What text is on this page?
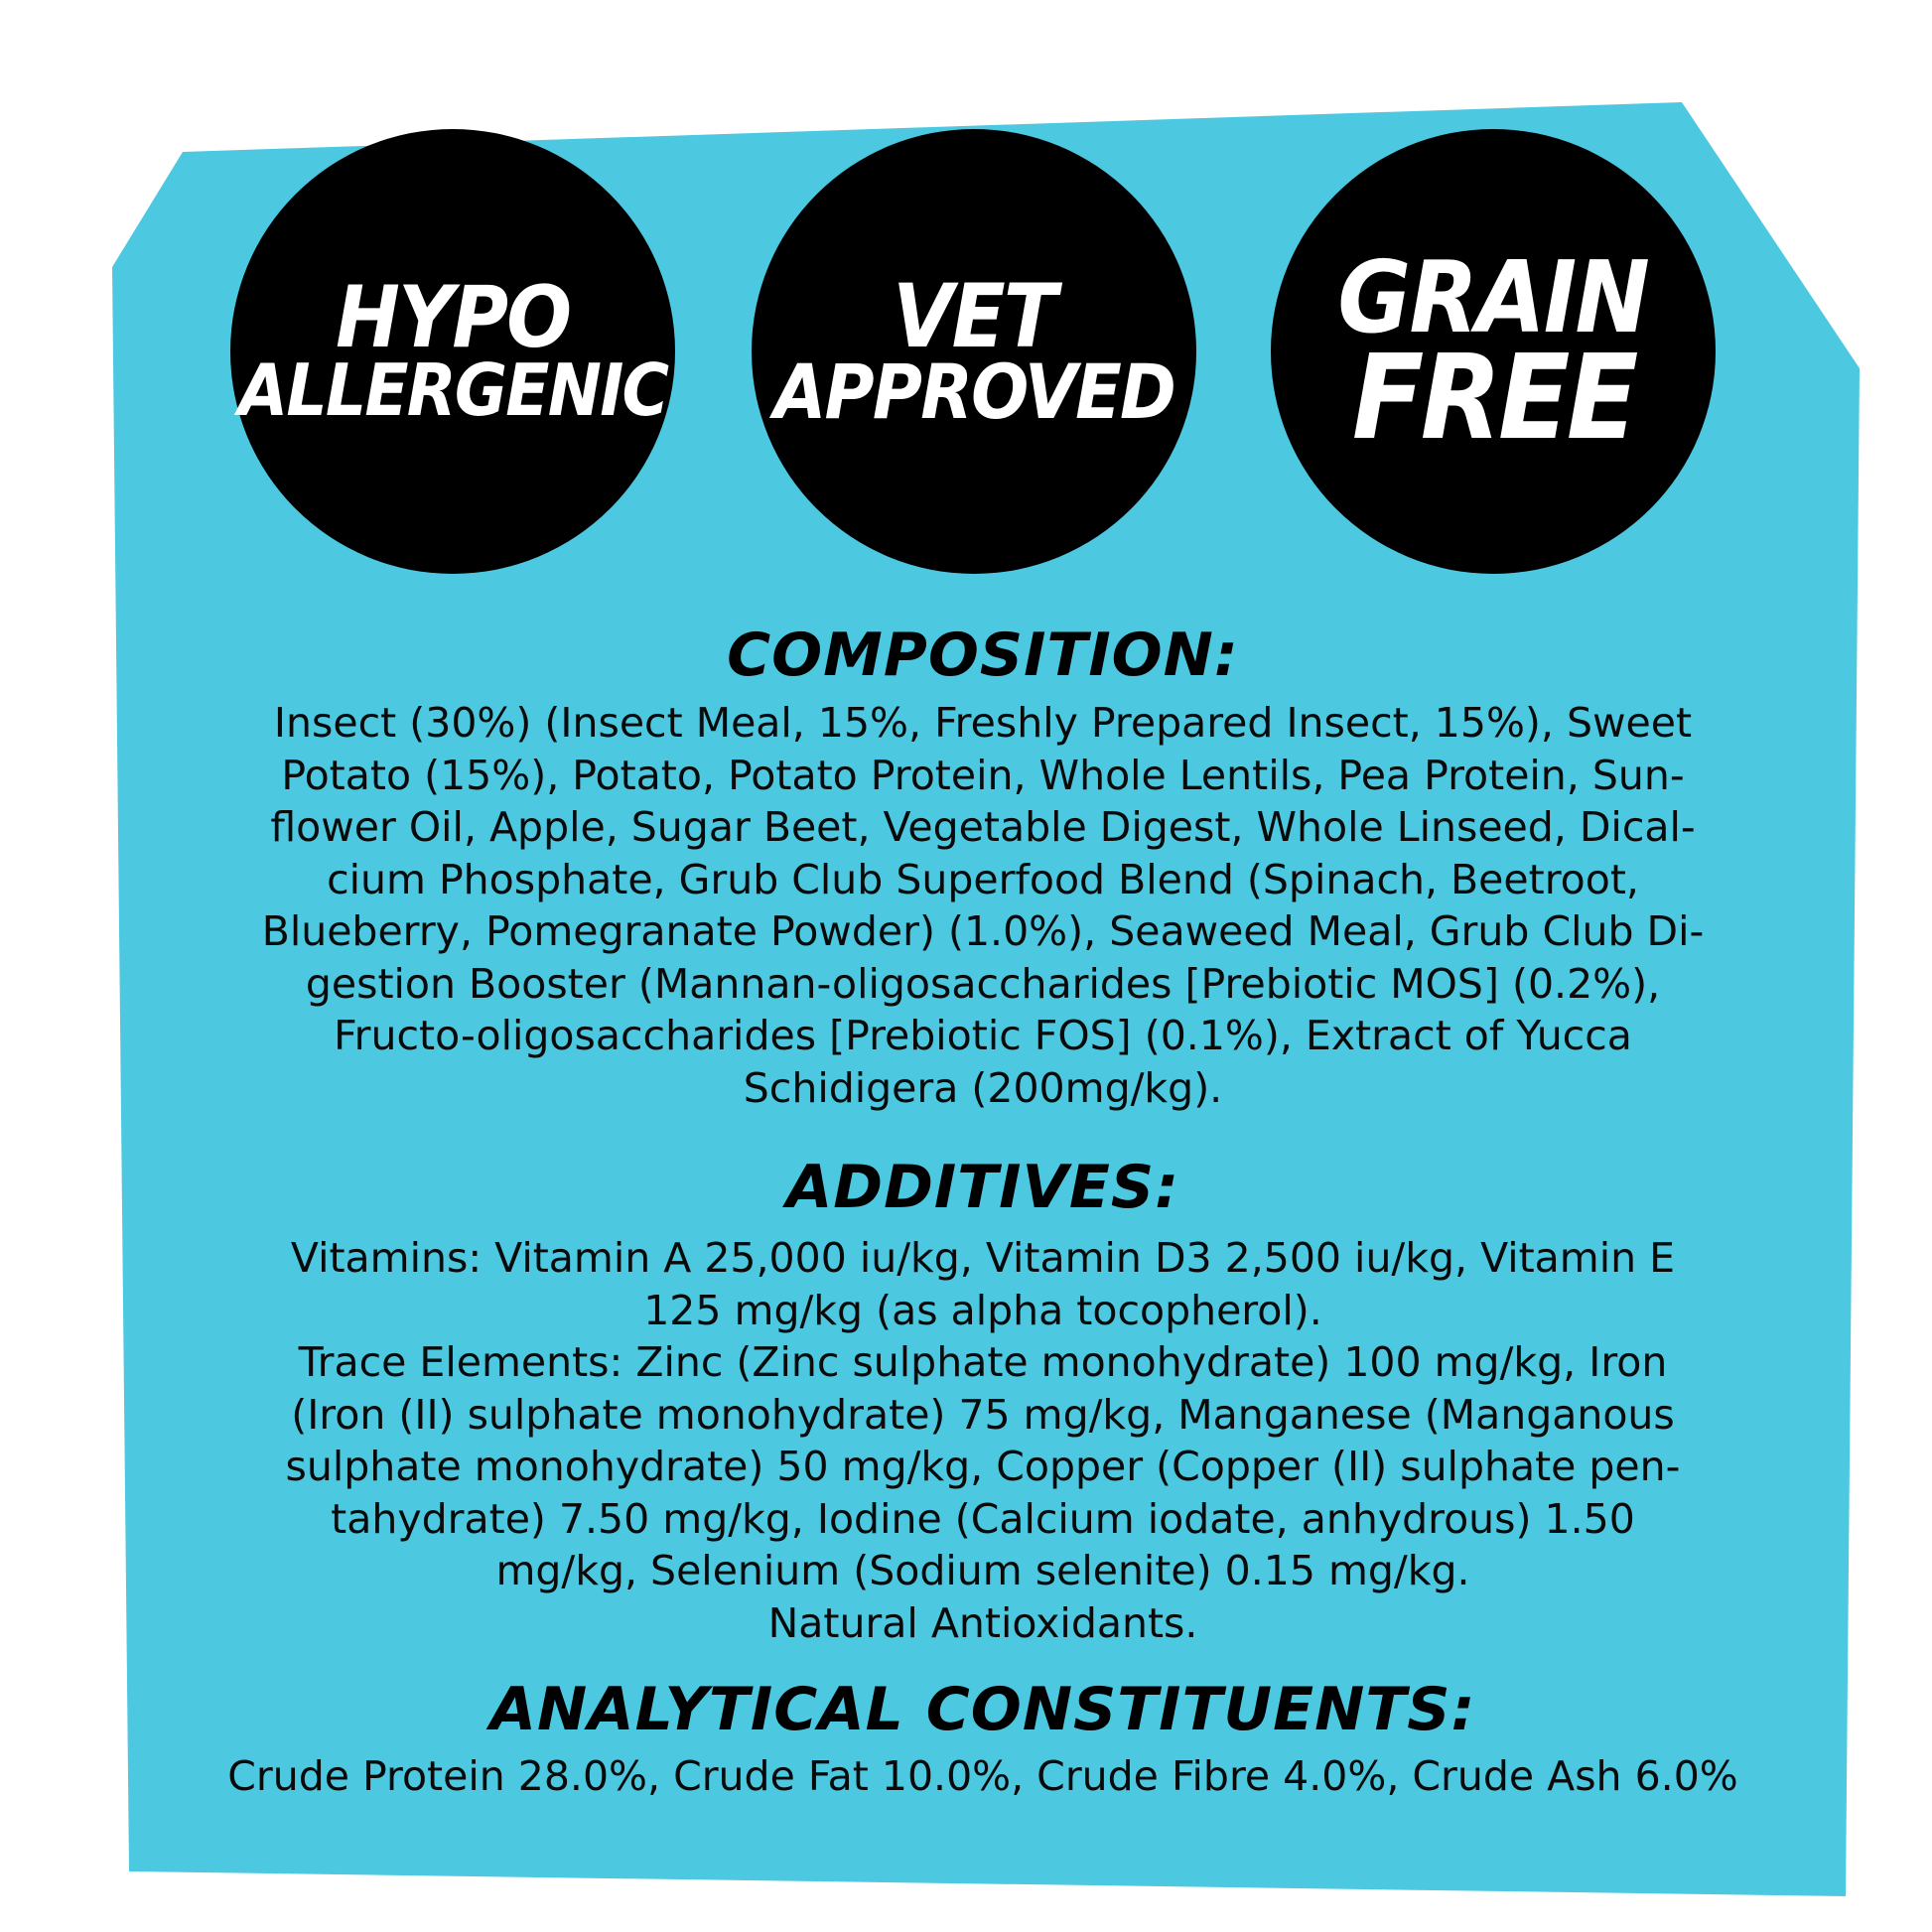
HYPO
ALLERGENIC
VET
APPROVED
GRAIN
FREE
COMPOSITION:
Insect (30%) (Insect Meal, 15%, Freshly Prepared Insect, 15%), Sweet
Potato (15%), Potato, Potato Protein, Whole Lentils, Pea Protein, Sun-
flower Oil, Apple, Sugar Beet, Vegetable Digest, Whole Linseed, Dical-
cium Phosphate, Grub Club Superfood Blend (Spinach, Beetroot,
Blueberry, Pomegranate Powder) (1.0%), Seaweed Meal, Grub Club Di-
gestion Booster (Mannan-oligosaccharides [Prebiotic MOS] (0.2%),
Fructo-oligosaccharides [Prebiotic FOS] (0.1%), Extract of Yucca
Schidigera (200mg/kg).
ADDITIVES:
Vitamins: Vitamin A 25,000 iu/kg, Vitamin D3 2,500 iu/kg, Vitamin E
125 mg/kg (as alpha tocopherol).
Trace Elements: Zinc (Zinc sulphate monohydrate) 100 mg/kg, Iron
(Iron (II) sulphate monohydrate) 75 mg/kg, Manganese (Manganous
sulphate monohydrate) 50 mg/kg, Copper (Copper (II) sulphate pen-
tahydrate) 7.50 mg/kg, Iodine (Calcium iodate, anhydrous) 1.50
mg/kg, Selenium (Sodium selenite) 0.15 mg/kg.
Natural Antioxidants.
ANALYTICAL CONSTITUENTS:
Crude Protein 28.0%, Crude Fat 10.0%, Crude Fibre 4.0%, Crude Ash 6.0%
